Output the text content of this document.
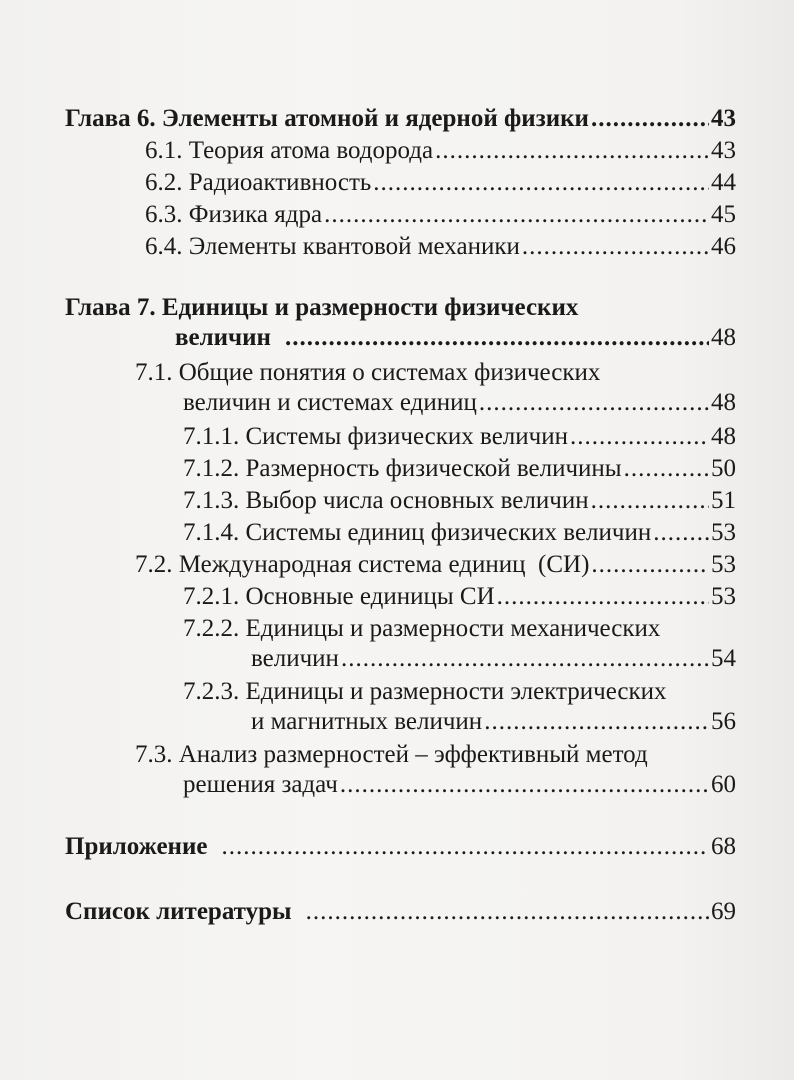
Глава 6. Элементы атомной и ядерной физики .....	43
6.1. Теория атома водорода .....	43
6.2. Радиоактивность .....	44
6.3. Физика ядра .....	45
6.4. Элементы квантовой механики .....	46
Глава 7. Единицы и размерности физических
величин .....	48
7.1. Общие понятия о системах физических
величин и системах единиц .....	48
7.1.1. Системы физических величин .....	48
7.1.2. Размерность физической величины .....	50
7.1.3. Выбор числа основных величин .....	51
7.1.4. Системы единиц физических величин ..... 53
7.2. Международная система единиц  (СИ) .....	53
7.2.1. Основные единицы СИ .....	53
7.2.2. Единицы и размерности механических
величин .....	54
7.2.3. Единицы и размерности электрических
и магнитных величин .....	56
7.3. Анализ размерностей – эффективный метод
решения задач .....	60
Приложение .....	68
Список литературы .....	69
